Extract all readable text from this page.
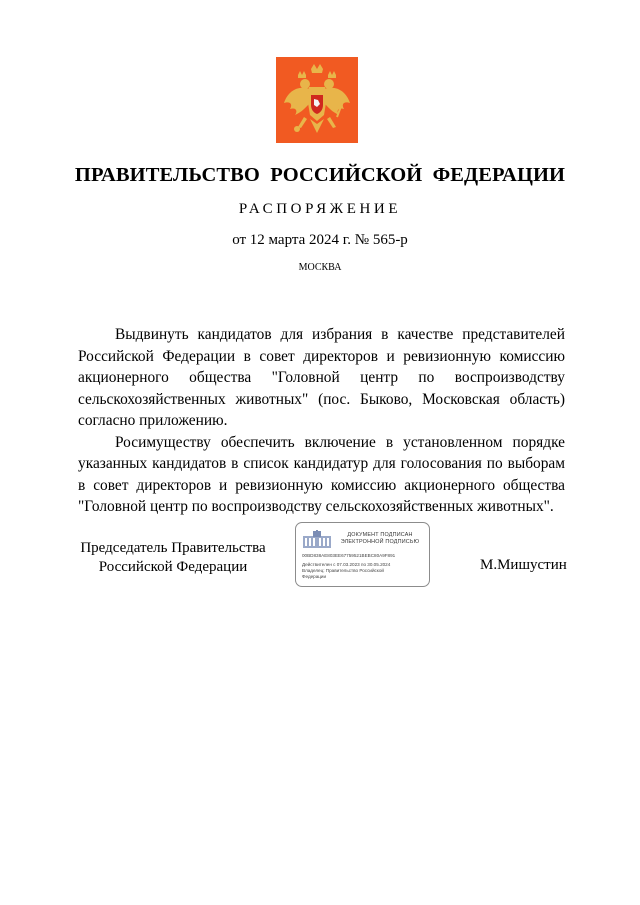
ПРАВИТЕЛЬСТВО РОССИЙСКОЙ ФЕДЕРАЦИИ
РАСПОРЯЖЕНИЕ
от 12 марта 2024 г. № 565-р
МОСКВА

Выдвинуть кандидатов для избрания в качестве представителей Российской Федерации в совет директоров и ревизионную комиссию акционерного общества "Головной центр по воспроизводству сельскохозяйственных животных" (пос. Быково, Московская область) согласно приложению.

Росимуществу обеспечить включение в установленном порядке указанных кандидатов в список кандидатур для голосования по выборам в совет директоров и ревизионную комиссию акционерного общества "Головной центр по воспроизводству сельскохозяйственных животных".

Председатель Правительства
Российской Федерации
ДОКУМЕНТ ПОДПИСАН
ЭЛЕКТРОННОЙ ПОДПИСЬЮ
00BD838AE803EE67759521BEBC80A9F891
Действителен с 07.03.2023 по 30.05.2024
Владелец: Правительство Российской
Федерации
М.Мишустин
